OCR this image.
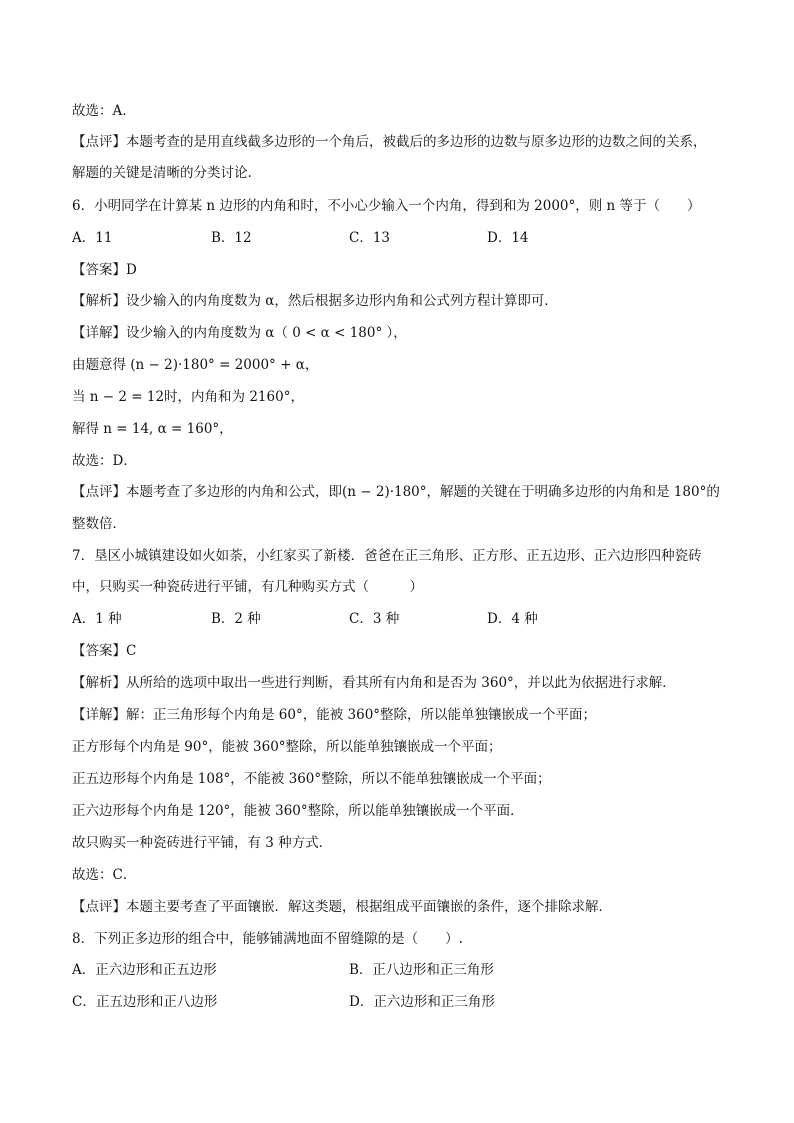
故选：A.
【点评】本题考查的是用直线截多边形的一个角后，被截后的多边形的边数与原多边形的边数之间的关系，
解题的关键是清晰的分类讨论.
6．小明同学在计算某 n 边形的内角和时，不小心少输入一个内角，得到和为 2000°，则 n 等于（　　）
A．11	B．12	C．13	D．14
【答案】D
【解析】设少输入的内角度数为 α，然后根据多边形内角和公式列方程计算即可．
【详解】设少输入的内角度数为 α（ 0 < α < 180° ），
由题意得 (n − 2)·180° = 2000° + α，
当 n − 2 = 12时，内角和为 2160°，
解得 n = 14, α = 160°，
故选：D．
【点评】本题考查了多边形的内角和公式，即(n − 2)·180°，解题的关键在于明确多边形的内角和是 180°的
整数倍．
7．垦区小城镇建设如火如荼，小红家买了新楼．爸爸在正三角形、正方形、正五边形、正六边形四种瓷砖
中，只购买一种瓷砖进行平铺，有几种购买方式（　　　）
A．1 种	B．2 种	C．3 种	D．4 种
【答案】C
【解析】从所给的选项中取出一些进行判断，看其所有内角和是否为 360°，并以此为依据进行求解．
【详解】解：正三角形每个内角是 60°，能被 360°整除，所以能单独镶嵌成一个平面；
正方形每个内角是 90°，能被 360°整除，所以能单独镶嵌成一个平面；
正五边形每个内角是 108°，不能被 360°整除，所以不能单独镶嵌成一个平面；
正六边形每个内角是 120°，能被 360°整除，所以能单独镶嵌成一个平面．
故只购买一种瓷砖进行平铺，有 3 种方式．
故选：C．
【点评】本题主要考查了平面镶嵌．解这类题，根据组成平面镶嵌的条件，逐个排除求解．
8．下列正多边形的组合中，能够铺满地面不留缝隙的是（　　）.
A．正六边形和正五边形	B．正八边形和正三角形
C．正五边形和正八边形	D．正六边形和正三角形
